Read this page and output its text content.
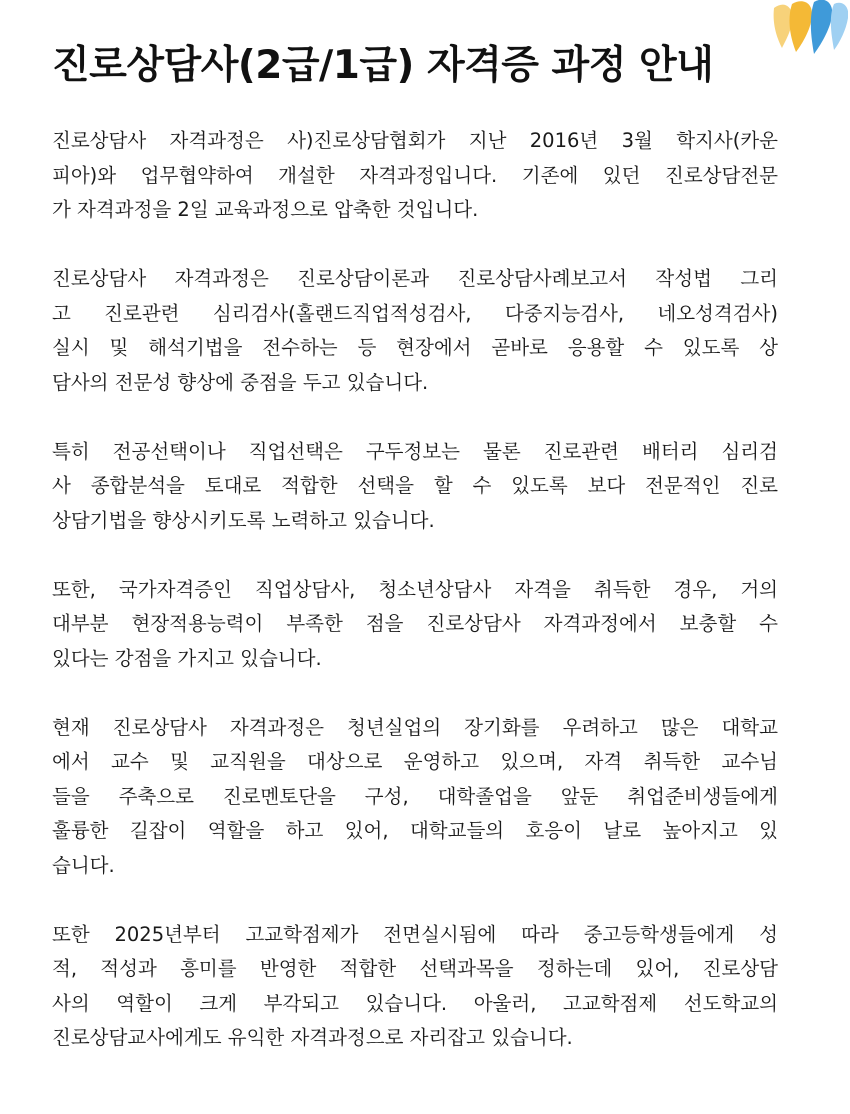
진로상담사(2급/1급) 자격증 과정 안내
진로상담사 자격과정은 사)진로상담협회가 지난 2016년 3월 학지사(카운
피아)와 업무협약하여 개설한 자격과정입니다. 기존에 있던 진로상담전문
가 자격과정을 2일 교육과정으로 압축한 것입니다.
진로상담사 자격과정은 진로상담이론과 진로상담사례보고서 작성법 그리
고 진로관련 심리검사(홀랜드직업적성검사, 다중지능검사, 네오성격검사)
실시 및 해석기법을 전수하는 등 현장에서 곧바로 응용할 수 있도록 상
담사의 전문성 향상에 중점을 두고 있습니다.
특히 전공선택이나 직업선택은 구두정보는 물론 진로관련 배터리 심리검
사 종합분석을 토대로 적합한 선택을 할 수 있도록 보다 전문적인 진로
상담기법을 향상시키도록 노력하고 있습니다.
또한, 국가자격증인 직업상담사, 청소년상담사 자격을 취득한 경우, 거의
대부분 현장적용능력이 부족한 점을 진로상담사 자격과정에서 보충할 수
있다는 강점을 가지고 있습니다.
현재 진로상담사 자격과정은 청년실업의 장기화를 우려하고 많은 대학교
에서 교수 및 교직원을 대상으로 운영하고 있으며, 자격 취득한 교수님
들을 주축으로 진로멘토단을 구성, 대학졸업을 앞둔 취업준비생들에게
훌륭한 길잡이 역할을 하고 있어, 대학교들의 호응이 날로 높아지고 있
습니다.
또한 2025년부터 고교학점제가 전면실시됨에 따라 중고등학생들에게 성
적, 적성과 흥미를 반영한 적합한 선택과목을 정하는데 있어, 진로상담
사의 역할이 크게 부각되고 있습니다. 아울러, 고교학점제 선도학교의
진로상담교사에게도 유익한 자격과정으로 자리잡고 있습니다.
